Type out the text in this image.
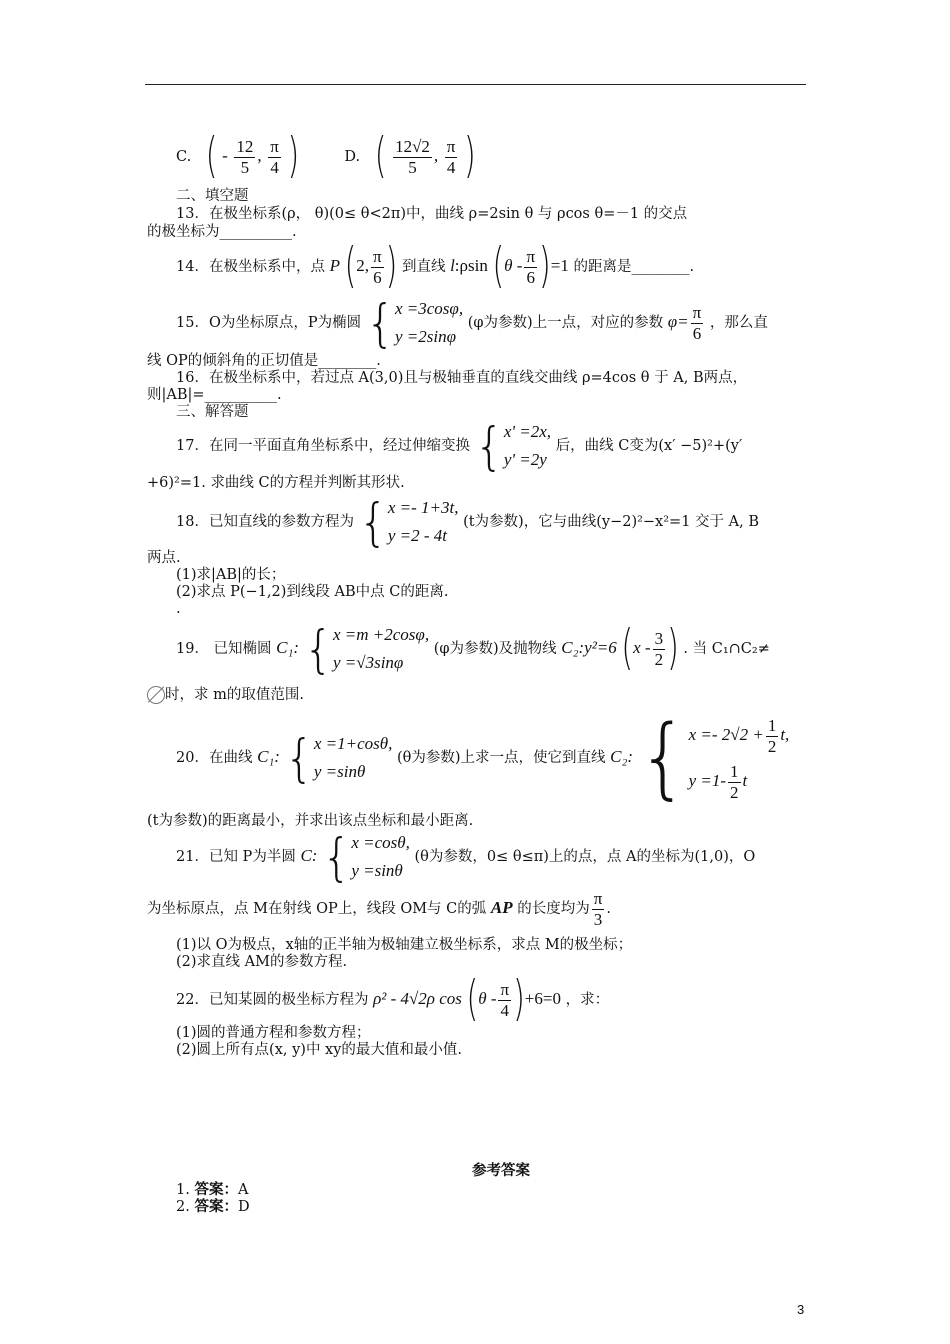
C. ( - $\frac{12}{5}$ , $\frac{\pi}{4}$ )	D. ( $\frac{12√2}{5}$ , $\frac{\pi}{4}$ )
二、填空题
13．在极坐标系(ρ， θ)(0≤ θ<2π)中，曲线 ρ=2sin θ 与 ρcos θ=－1 的交点
的极坐标为__________.
14．在极坐标系中，点 P (2, $\frac{\pi}{6}$ ) 到直线 l:ρsin $(\theta - \frac{\pi}{6} )=1$ 的距离是________.
15．O为坐标原点，P为椭圆 { x =3cosφ,
y =2sinφ
(φ为参数)上一点，对应的参数 $\varphi= \frac{\pi}{6}$ ，那么直
线 OP的倾斜角的正切值是________.
16．在极坐标系中，若过点 A(3,0)且与极轴垂直的直线交曲线 ρ=4cos θ 于 A, B两点，
则|AB|=__________.
三、解答题
17．在同一平面直角坐标系中，经过伸缩变换 { x' =2x,
y' =2y
后，曲线 C变为(x′ −5)²+(y′
+6)²=1. 求曲线 C的方程并判断其形状.
18．已知直线的参数方程为 { x =- 1+3t,
y =2 - 4t
(t为参数)，它与曲线(y−2)²−x²=1 交于 A, B
两点.
(1)求|AB|的长；
(2)求点 P(−1,2)到线段 AB中点 C的距离.
.
19． 已知椭圆 C₁: { x =m +2cosφ,
y =√3sinφ
(φ为参数)及抛物线 C₂:y²=6 ($x - \frac{3}{2}$ ) . 当 C₁∩C₂≠
时，求 m的取值范围.
20．在曲线 C₁: { x =1+cosθ,
y =sinθ
(θ为参数)上求一点，使它到直线 C₂: { $x =- 2√2 + \frac{1}{2} t$,
$y =1- \frac{1}{2}$ t
(t为参数)的距离最小，并求出该点坐标和最小距离.
21．已知 P为半圆 C: { x =cosθ,
y =sinθ
(θ为参数，0≤ θ≤π)上的点，点 A的坐标为(1,0)，O
为坐标原点，点 M在射线 OP上，线段 OM与 C的弧 AP 的长度均为 $\frac{\pi}{3}$ .
(1)以 O为极点，x轴的正半轴为极轴建立极坐标系，求点 M的极坐标；
(2)求直线 AM的参数方程.
22．已知某圆的极坐标方程为 ρ² - 4√2ρ $\cos (\theta - \frac{\pi}{4} )+6=0$ ，求：
(1)圆的普通方程和参数方程；
(2)圆上所有点(x, y)中 xy的最大值和最小值.
参考答案
1. 答案：A
2. 答案：D
3
